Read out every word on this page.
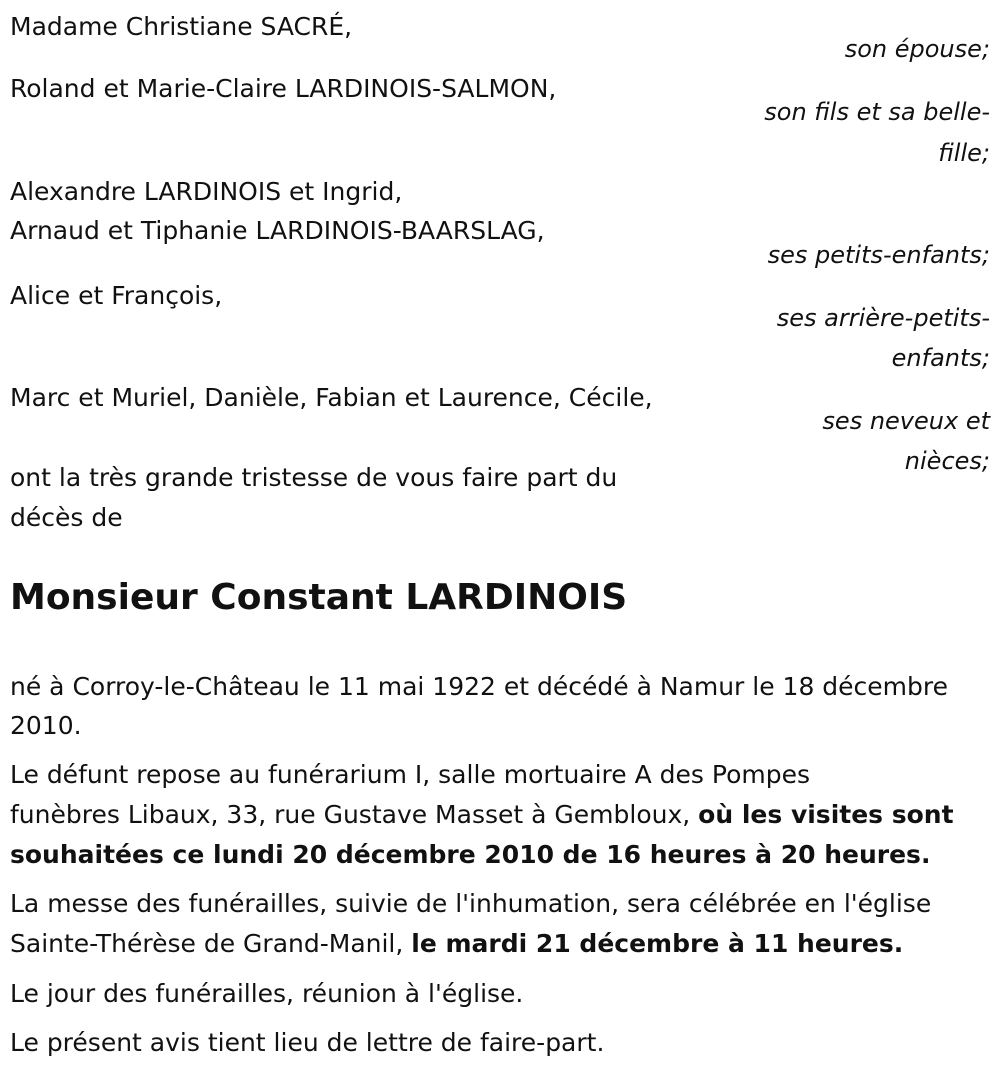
Madame Christiane SACRÉ,
son épouse;
Roland et Marie-Claire LARDINOIS-SALMON,
son fils et sa belle-
fille;
Alexandre LARDINOIS et Ingrid,
Arnaud et Tiphanie LARDINOIS-BAARSLAG,
ses petits-enfants;
Alice et François,
ses arrière-petits-
enfants;
Marc et Muriel, Danièle, Fabian et Laurence, Cécile,
ses neveux et
nièces;
ont la très grande tristesse de vous faire part du
décès de
Monsieur Constant LARDINOIS
né à Corroy-le-Château le 11 mai 1922 et décédé à Namur le 18 décembre
2010.
Le défunt repose au funérarium I, salle mortuaire A des Pompes
funèbres Libaux, 33, rue Gustave Masset à Gembloux, où les visites sont
souhaitées ce lundi 20 décembre 2010 de 16 heures à 20 heures.
La messe des funérailles, suivie de l'inhumation, sera célébrée en l'église
Sainte-Thérèse de Grand-Manil, le mardi 21 décembre à 11 heures.
Le jour des funérailles, réunion à l'église.
Le présent avis tient lieu de lettre de faire-part.
